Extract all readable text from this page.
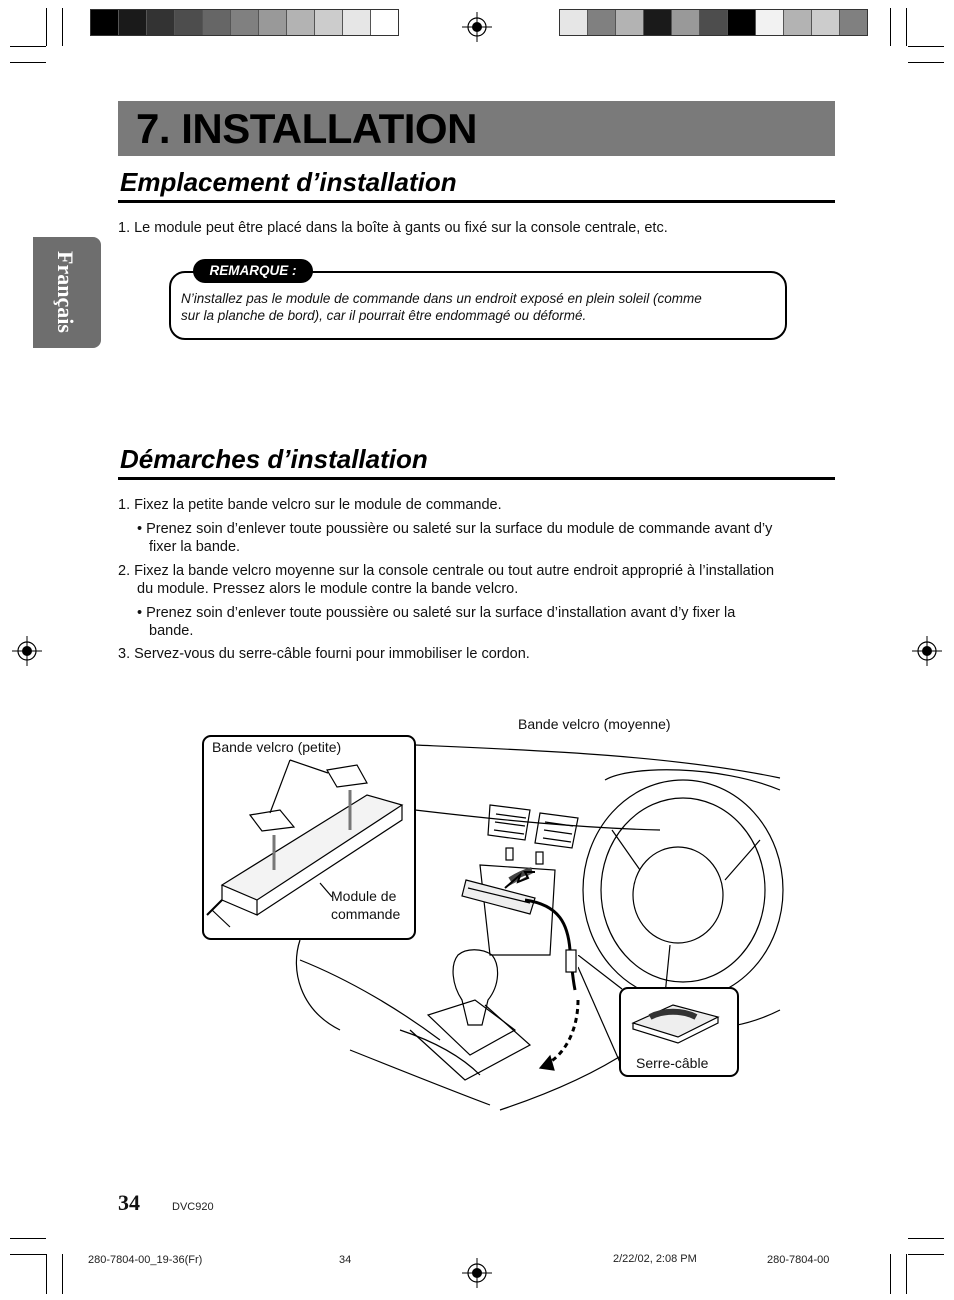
Français
7. INSTALLATION
Emplacement d’installation
1. Le module peut être placé dans la boîte à gants ou fixé sur la console centrale, etc.
REMARQUE :
N’installez pas le module de commande dans un endroit exposé en plein soleil (comme
sur la planche de bord), car il pourrait être endommagé ou déformé.
Démarches d’installation
1. Fixez la petite bande velcro sur le module de commande.
• Prenez soin d’enlever toute poussière ou saleté sur la surface du module de commande avant d’y
fixer la bande.
2. Fixez la bande velcro moyenne sur la console centrale ou tout autre endroit approprié à l’installation
du module. Pressez alors le module contre la bande velcro.
• Prenez soin d’enlever toute poussière ou saleté sur la surface d’installation avant d’y fixer la
bande.
3. Servez-vous du serre-câble fourni pour immobiliser le cordon.
Bande velcro (petite)
Bande velcro (moyenne)
Module de
commande
Serre-câble
34	DVC920
280-7804-00_19-36(Fr)	34	2/22/02, 2:08 PM	280-7804-00
